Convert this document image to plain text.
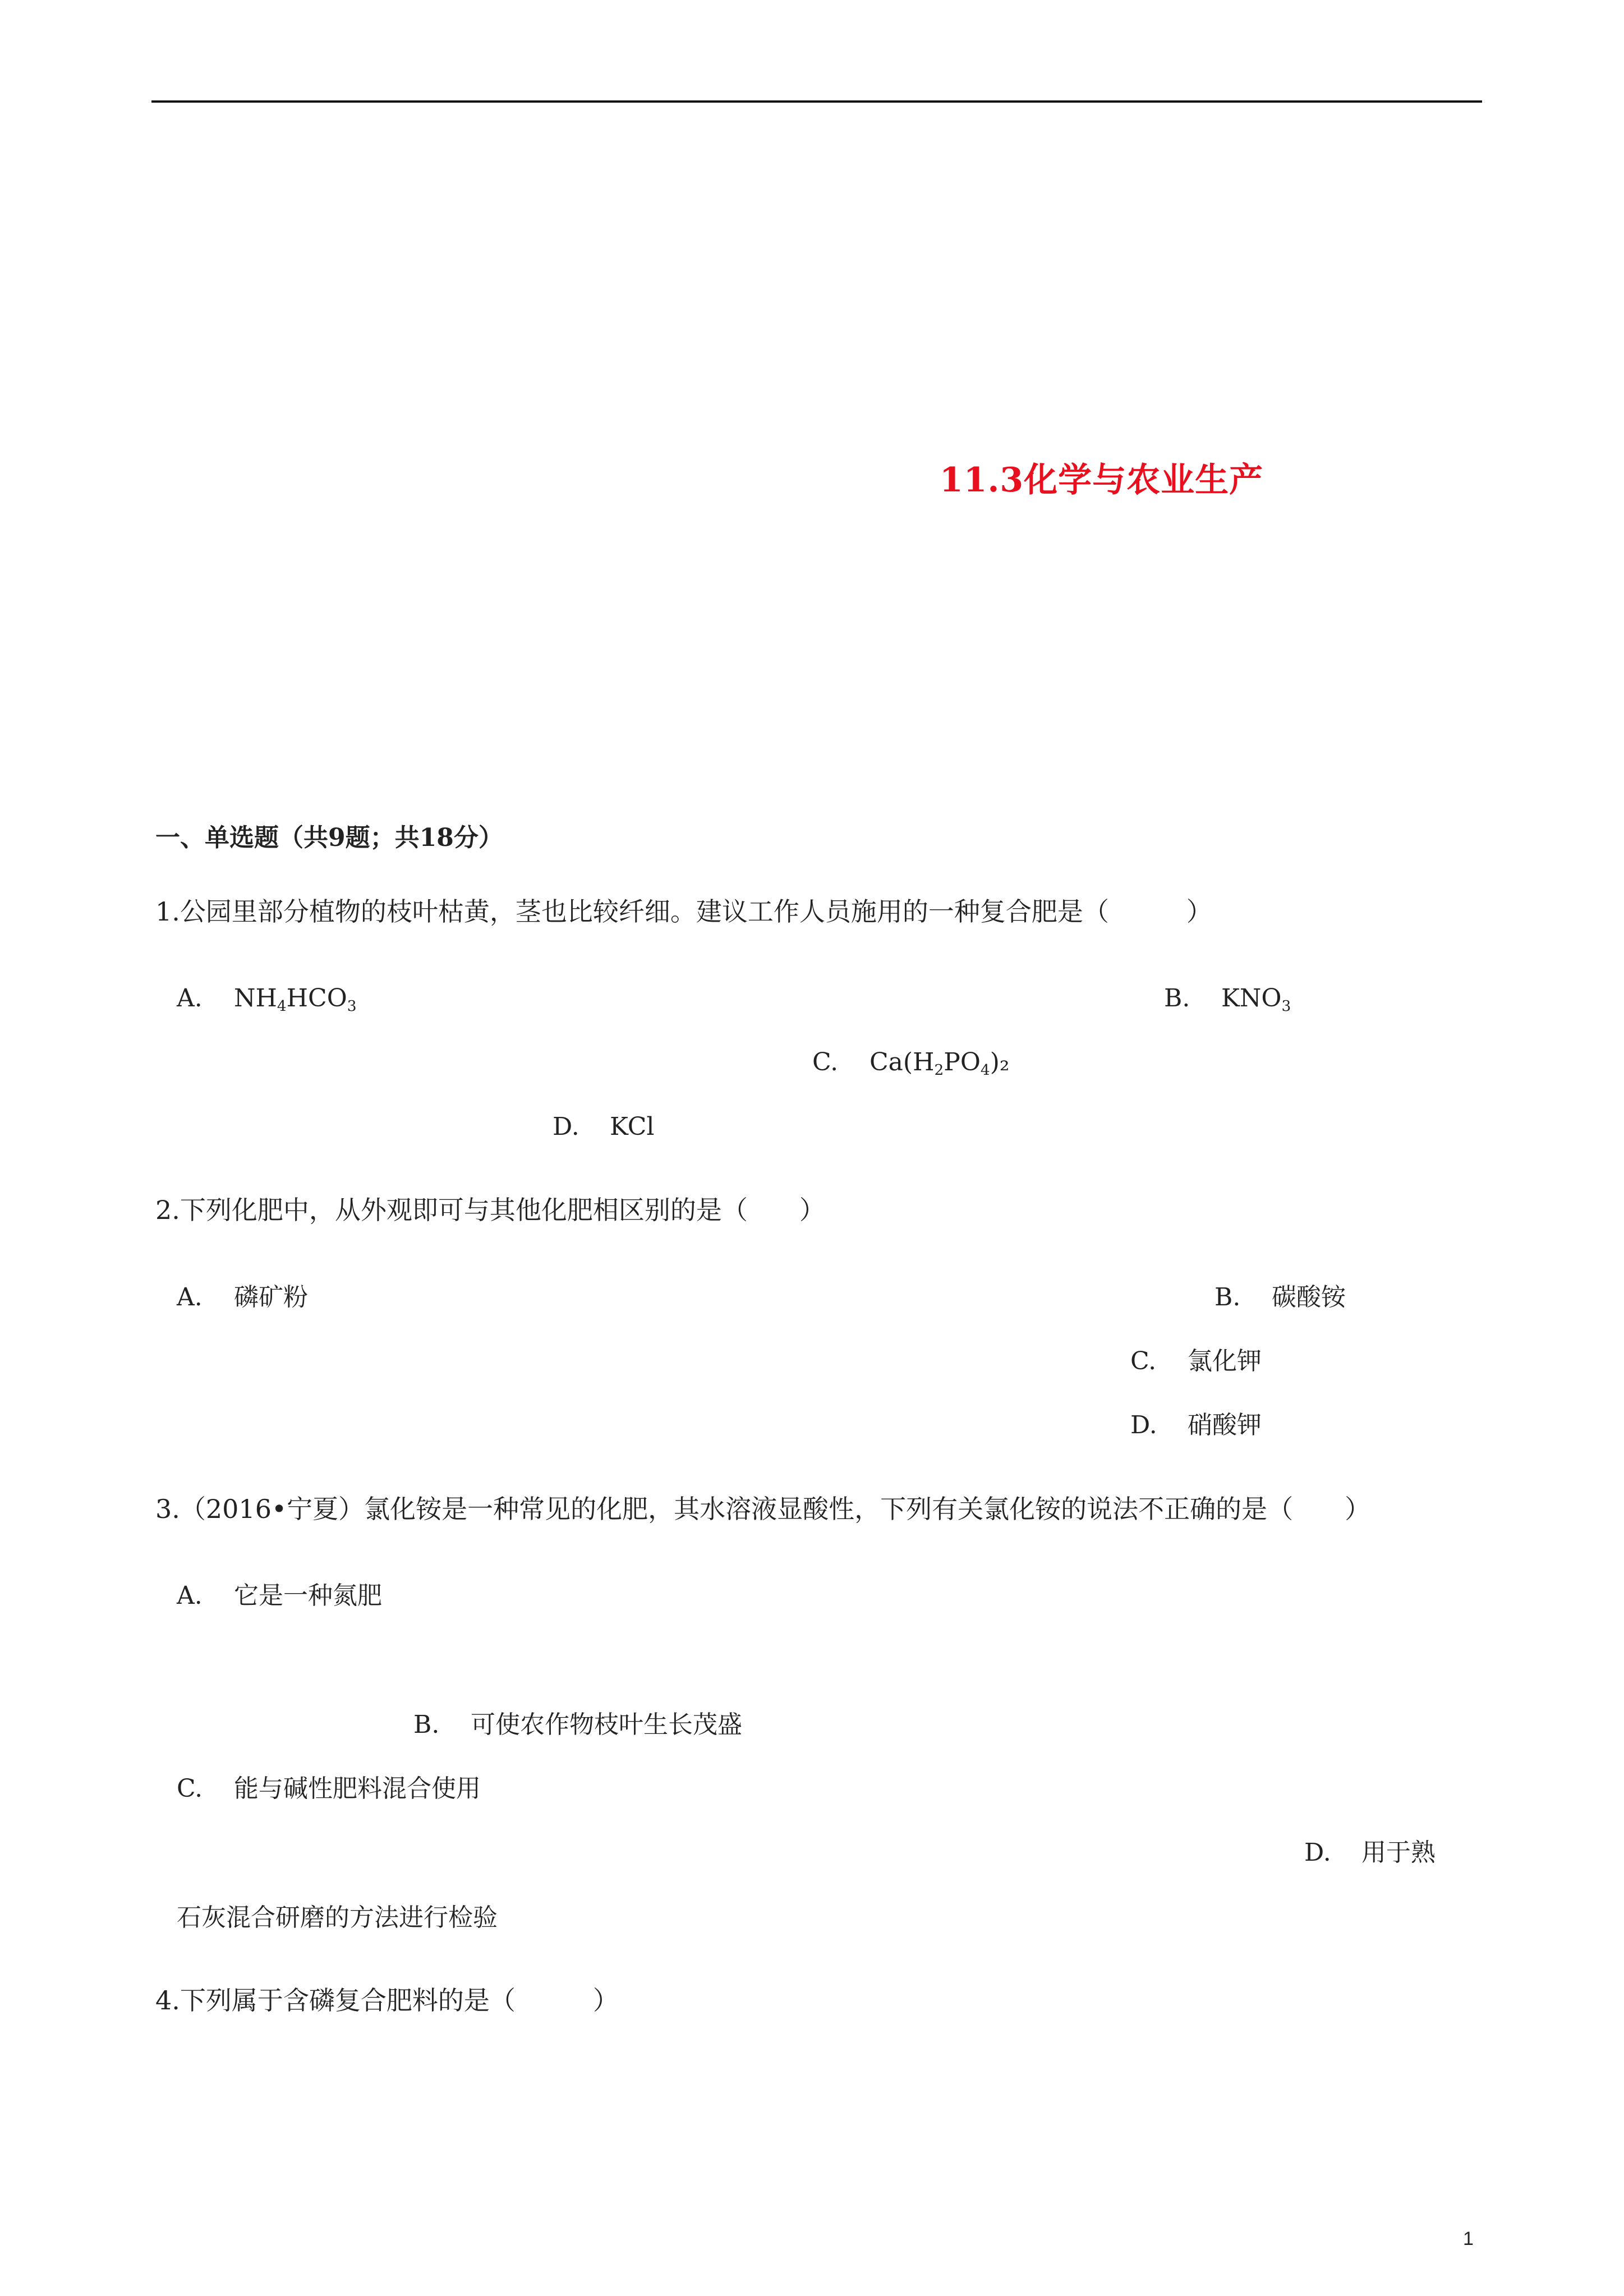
11.3化学与农业生产
一、单选题（共9题；共18分）
1.公园里部分植物的枝叶枯黄，茎也比较纤细。建议工作人员施用的一种复合肥是（　　　）
A. $NH_4HCO_3$	B. $KNO_3$
C. $Ca(H_2PO_4)_2$
D. KCl
2.下列化肥中，从外观即可与其他化肥相区别的是（　　）
A. 磷矿粉	B. 碳酸铵
C. 氯化钾
D. 硝酸钾
3.（2016•宁夏）氯化铵是一种常见的化肥，其水溶液显酸性，下列有关氯化铵的说法不正确的是（　　）
A. 它是一种氮肥
B. 可使农作物枝叶生长茂盛
C. 能与碱性肥料混合使用
D. 用于熟
石灰混合研磨的方法进行检验
4.下列属于含磷复合肥料的是（　　　）
1
